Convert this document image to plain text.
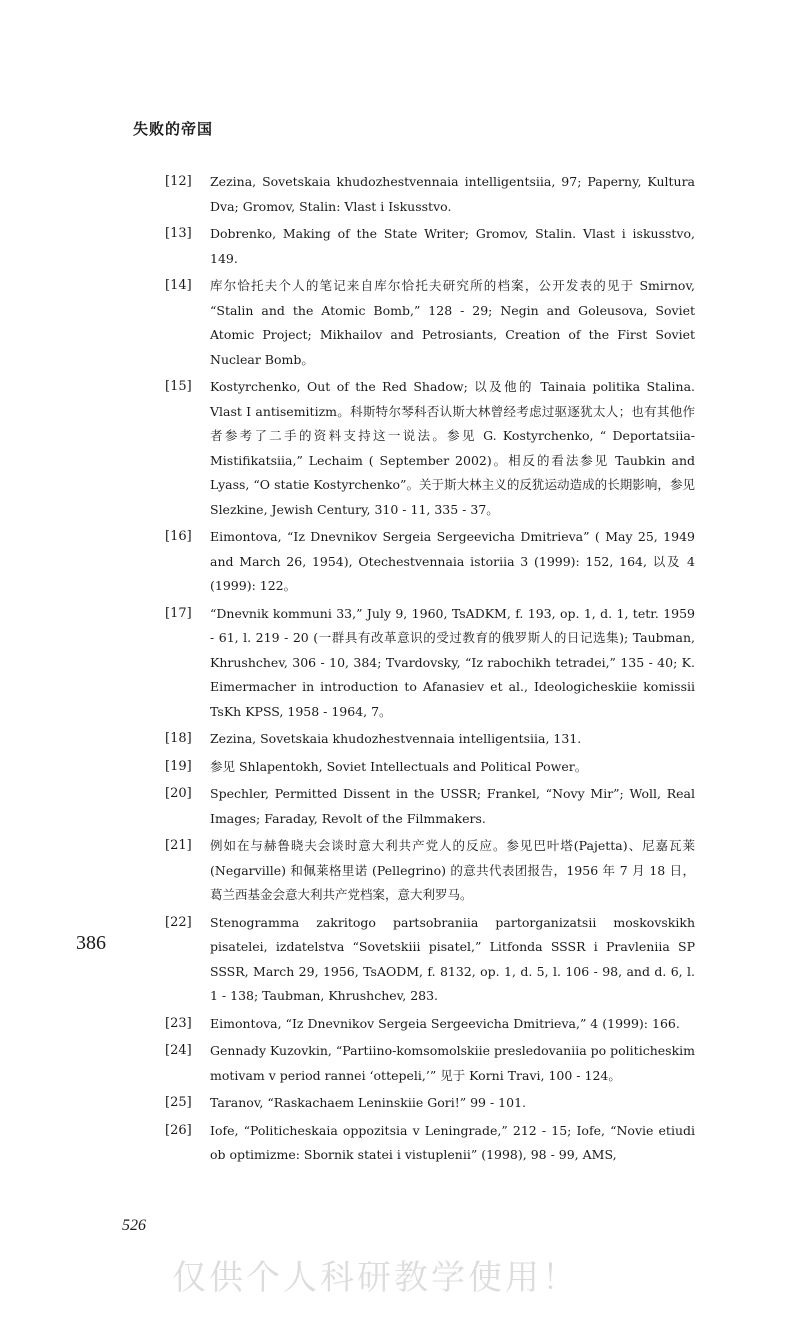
失败的帝国
[12] Zezina, Sovetskaia khudozhestvennaia intelligentsiia, 97; Paperny, Kultura Dva; Gromov, Stalin: Vlast i Iskusstvo.
[13] Dobrenko, Making of the State Writer; Gromov, Stalin. Vlast i iskusstvo, 149.
[14] 库尔恰托夫个人的笔记来自库尔恰托夫研究所的档案，公开发表的见于 Smirnov, “Stalin and the Atomic Bomb,” 128 - 29; Negin and Goleusova, Soviet Atomic Project; Mikhailov and Petrosiants, Creation of the First Soviet Nuclear Bomb。
[15] Kostyrchenko, Out of the Red Shadow; 以及他的 Tainaia politika Stalina. Vlast I antisemitizm。科斯特尔琴科否认斯大林曾经考虑过驱逐犹太人；也有其他作者参考了二手的资料支持这一说法。参见 G. Kostyrchenko, “ Deportatsiia-Mistifikatsiia,” Lechaim ( September 2002)。相反的看法参见 Taubkin and Lyass, “O statie Kostyrchenko”。关于斯大林主义的反犹运动造成的长期影响，参见 Slezkine, Jewish Century, 310 - 11, 335 - 37。
[16] Eimontova, “Iz Dnevnikov Sergeia Sergeevicha Dmitrieva” ( May 25, 1949 and March 26, 1954), Otechestvennaia istoriia 3 (1999): 152, 164, 以及 4 (1999): 122。
[17] “Dnevnik kommuni 33,” July 9, 1960, TsADKM, f. 193, op. 1, d. 1, tetr. 1959 - 61, l. 219 - 20 (一群具有改革意识的受过教育的俄罗斯人的日记选集); Taubman, Khrushchev, 306 - 10, 384; Tvardovsky, “Iz rabochikh tetradei,” 135 - 40; K. Eimermacher in introduction to Afanasiev et al., Ideologicheskiie komissii TsKh KPSS, 1958 - 1964, 7。
[18] Zezina, Sovetskaia khudozhestvennaia intelligentsiia, 131.
[19] 参见 Shlapentokh, Soviet Intellectuals and Political Power。
[20] Spechler, Permitted Dissent in the USSR; Frankel, “Novy Mir”; Woll, Real Images; Faraday, Revolt of the Filmmakers.
[21] 例如在与赫鲁晓夫会谈时意大利共产党人的反应。参见巴叶塔(Pajetta)、尼嘉瓦莱 (Negarville) 和佩莱格里诺 (Pellegrino) 的意共代表团报告，1956 年 7 月 18 日，葛兰西基金会意大利共产党档案，意大利罗马。
[22] Stenogramma zakritogo partsobraniia partorganizatsii moskovskikh pisatelei, izdatelstva “Sovetskiii pisatel,” Litfonda SSSR i Pravleniia SP SSSR, March 29, 1956, TsAODM, f. 8132, op. 1, d. 5, l. 106 - 98, and d. 6, l. 1 - 138; Taubman, Khrushchev, 283.
[23] Eimontova, “Iz Dnevnikov Sergeia Sergeevicha Dmitrieva,” 4 (1999): 166.
[24] Gennady Kuzovkin, “Partiino-komsomolskiie presledovaniia po politicheskim motivam v period rannei ‘ottepeli,’” 见于 Korni Travi, 100 - 124。
[25] Taranov, “Raskachaem Leninskiie Gori!” 99 - 101.
[26] Iofe, “Politicheskaia oppozitsia v Leningrade,” 212 - 15; Iofe, “Novie etiudi ob optimizme: Sbornik statei i vistuplenii” (1998), 98 - 99, AMS,
386
526
仅供个人科研教学使用！
